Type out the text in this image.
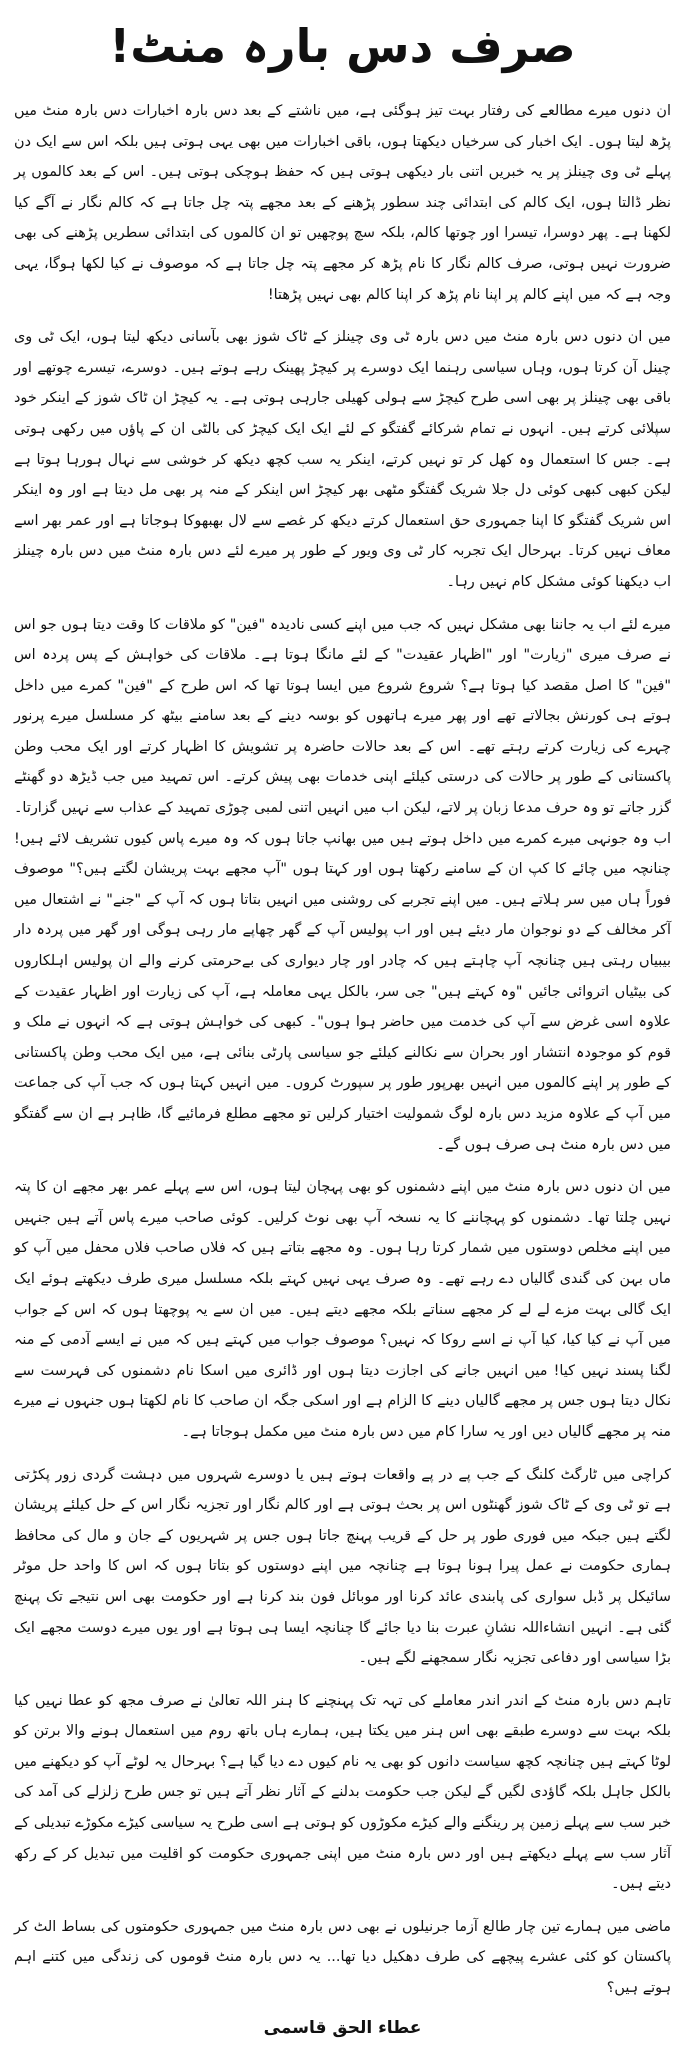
صرف دس بارہ منٹ!

ان دنوں میرے مطالعے کی رفتار بہت تیز ہوگئی ہے، میں ناشتے کے بعد دس بارہ اخبارات دس بارہ منٹ میں پڑھ لیتا ہوں۔ ایک اخبار کی سرخیاں دیکھتا ہوں، باقی اخبارات میں بھی یہی ہوتی ہیں بلکہ اس سے ایک دن پہلے ٹی وی چینلز پر یہ خبریں اتنی بار دیکھی ہوتی ہیں کہ حفظ ہوچکی ہوتی ہیں۔ اس کے بعد کالموں پر نظر ڈالتا ہوں، ایک کالم کی ابتدائی چند سطور پڑھنے کے بعد مجھے پتہ چل جاتا ہے کہ کالم نگار نے آگے کیا لکھنا ہے۔ پھر دوسرا، تیسرا اور چوتھا کالم، بلکہ سچ پوچھیں تو ان کالموں کی ابتدائی سطریں پڑھنے کی بھی ضرورت نہیں ہوتی، صرف کالم نگار کا نام پڑھ کر مجھے پتہ چل جاتا ہے کہ موصوف نے کیا لکھا ہوگا، یہی وجہ ہے کہ میں اپنے کالم پر اپنا نام پڑھ کر اپنا کالم بھی نہیں پڑھتا!

میں ان دنوں دس بارہ منٹ میں دس بارہ ٹی وی چینلز کے ٹاک شوز بھی بآسانی دیکھ لیتا ہوں، ایک ٹی وی چینل آن کرتا ہوں، وہاں سیاسی رہنما ایک دوسرے پر کیچڑ پھینک رہے ہوتے ہیں۔ دوسرے، تیسرے چوتھے اور باقی بھی چینلز پر بھی اسی طرح کیچڑ سے ہولی کھیلی جارہی ہوتی ہے۔ یہ کیچڑ ان ٹاک شوز کے اینکر خود سپلائی کرتے ہیں۔ انہوں نے تمام شرکائے گفتگو کے لئے ایک ایک کیچڑ کی بالٹی ان کے پاؤں میں رکھی ہوتی ہے۔ جس کا استعمال وہ کھل کر تو نہیں کرتے، اینکر یہ سب کچھ دیکھ کر خوشی سے نہال ہورہا ہوتا ہے لیکن کبھی کبھی کوئی دل جلا شریک گفتگو مٹھی بھر کیچڑ اس اینکر کے منہ پر بھی مل دیتا ہے اور وہ اینکر اس شریک گفتگو کا اپنا جمہوری حق استعمال کرتے دیکھ کر غصے سے لال بھبھوکا ہوجاتا ہے اور عمر بھر اسے معاف نہیں کرتا۔ بہرحال ایک تجربہ کار ٹی وی ویور کے طور پر میرے لئے دس بارہ منٹ میں دس بارہ چینلز اب دیکھنا کوئی مشکل کام نہیں رہا۔

میرے لئے اب یہ جاننا بھی مشکل نہیں کہ جب میں اپنے کسی نادیدہ "فین" کو ملاقات کا وقت دیتا ہوں جو اس نے صرف میری "زیارت" اور "اظہار عقیدت" کے لئے مانگا ہوتا ہے۔ ملاقات کی خواہش کے پس پردہ اس "فین" کا اصل مقصد کیا ہوتا ہے؟ شروع شروع میں ایسا ہوتا تھا کہ اس طرح کے "فین" کمرے میں داخل ہوتے ہی کورنش بجالاتے تھے اور پھر میرے ہاتھوں کو بوسہ دینے کے بعد سامنے بیٹھ کر مسلسل میرے پرنور چہرے کی زیارت کرتے رہتے تھے۔ اس کے بعد حالات حاضرہ پر تشویش کا اظہار کرتے اور ایک محب وطن پاکستانی کے طور پر حالات کی درستی کیلئے اپنی خدمات بھی پیش کرتے۔ اس تمہید میں جب ڈیڑھ دو گھنٹے گزر جاتے تو وہ حرف مدعا زبان پر لاتے، لیکن اب میں انہیں اتنی لمبی چوڑی تمہید کے عذاب سے نہیں گزارتا۔ اب وہ جونہی میرے کمرے میں داخل ہوتے ہیں میں بھانپ جاتا ہوں کہ وہ میرے پاس کیوں تشریف لائے ہیں! چنانچہ میں چائے کا کپ ان کے سامنے رکھتا ہوں اور کہتا ہوں "آپ مجھے بہت پریشان لگتے ہیں؟" موصوف فوراً ہاں میں سر ہلاتے ہیں۔ میں اپنے تجربے کی روشنی میں انہیں بتاتا ہوں کہ آپ کے "جنے" نے اشتعال میں آکر مخالف کے دو نوجوان مار دیئے ہیں اور اب پولیس آپ کے گھر چھاپے مار رہی ہوگی اور گھر میں پردہ دار بیبیاں رہتی ہیں چنانچہ آپ چاہتے ہیں کہ چادر اور چار دیواری کی بےحرمتی کرنے والے ان پولیس اہلکاروں کی بیٹیاں اتروائی جائیں "وہ کہتے ہیں" جی سر، بالکل یہی معاملہ ہے، آپ کی زیارت اور اظہار عقیدت کے علاوہ اسی غرض سے آپ کی خدمت میں حاضر ہوا ہوں"۔ کبھی کی خواہش ہوتی ہے کہ انہوں نے ملک و قوم کو موجودہ انتشار اور بحران سے نکالنے کیلئے جو سیاسی پارٹی بنائی ہے، میں ایک محب وطن پاکستانی کے طور پر اپنے کالموں میں انہیں بھرپور طور پر سپورٹ کروں۔ میں انہیں کہتا ہوں کہ جب آپ کی جماعت میں آپ کے علاوہ مزید دس بارہ لوگ شمولیت اختیار کرلیں تو مجھے مطلع فرمائیے گا، ظاہر ہے ان سے گفتگو میں دس بارہ منٹ ہی صرف ہوں گے۔

میں ان دنوں دس بارہ منٹ میں اپنے دشمنوں کو بھی پہچان لیتا ہوں، اس سے پہلے عمر بھر مجھے ان کا پتہ نہیں چلتا تھا۔ دشمنوں کو پہچاننے کا یہ نسخہ آپ بھی نوٹ کرلیں۔ کوئی صاحب میرے پاس آتے ہیں جنہیں میں اپنے مخلص دوستوں میں شمار کرتا رہا ہوں۔ وہ مجھے بتاتے ہیں کہ فلاں صاحب فلاں محفل میں آپ کو ماں بہن کی گندی گالیاں دے رہے تھے۔ وہ صرف یہی نہیں کہتے بلکہ مسلسل میری طرف دیکھتے ہوئے ایک ایک گالی بہت مزے لے لے کر مجھے سناتے بلکہ مجھے دیتے ہیں۔ میں ان سے یہ پوچھتا ہوں کہ اس کے جواب میں آپ نے کیا کیا، کیا آپ نے اسے روکا کہ نہیں؟ موصوف جواب میں کہتے ہیں کہ میں نے ایسے آدمی کے منہ لگنا پسند نہیں کیا! میں انہیں جانے کی اجازت دیتا ہوں اور ڈائری میں اسکا نام دشمنوں کی فہرست سے نکال دیتا ہوں جس پر مجھے گالیاں دینے کا الزام ہے اور اسکی جگہ ان صاحب کا نام لکھتا ہوں جنہوں نے میرے منہ پر مجھے گالیاں دیں اور یہ سارا کام میں دس بارہ منٹ میں مکمل ہوجاتا ہے۔

کراچی میں ٹارگٹ کلنگ کے جب پے در پے واقعات ہوتے ہیں یا دوسرے شہروں میں دہشت گردی زور پکڑتی ہے تو ٹی وی کے ٹاک شوز گھنٹوں اس پر بحث ہوتی ہے اور کالم نگار اور تجزیہ نگار اس کے حل کیلئے پریشان لگتے ہیں جبکہ میں فوری طور پر حل کے قریب پہنچ جاتا ہوں جس پر شہریوں کے جان و مال کی محافظ ہماری حکومت نے عمل پیرا ہونا ہوتا ہے چنانچہ میں اپنے دوستوں کو بتاتا ہوں کہ اس کا واحد حل موٹر سائیکل پر ڈبل سواری کی پابندی عائد کرنا اور موبائل فون بند کرنا ہے اور حکومت بھی اس نتیجے تک پہنچ گئی ہے۔ انہیں انشاءاللہ نشانِ عبرت بنا دیا جائے گا چنانچہ ایسا ہی ہوتا ہے اور یوں میرے دوست مجھے ایک بڑا سیاسی اور دفاعی تجزیہ نگار سمجھنے لگے ہیں۔

تاہم دس بارہ منٹ کے اندر اندر معاملے کی تہہ تک پہنچنے کا ہنر اللہ تعالیٰ نے صرف مجھ کو عطا نہیں کیا بلکہ بہت سے دوسرے طبقے بھی اس ہنر میں یکتا ہیں، ہمارے ہاں باتھ روم میں استعمال ہونے والا برتن کو لوٹا کہتے ہیں چنانچہ کچھ سیاست دانوں کو بھی یہ نام کیوں دے دیا گیا ہے؟ بہرحال یہ لوٹے آپ کو دیکھنے میں بالکل جاہل بلکہ گاؤدی لگیں گے لیکن جب حکومت بدلنے کے آثار نظر آتے ہیں تو جس طرح زلزلے کی آمد کی خبر سب سے پہلے زمین پر رینگنے والے کیڑے مکوڑوں کو ہوتی ہے اسی طرح یہ سیاسی کیڑے مکوڑے تبدیلی کے آثار سب سے پہلے دیکھتے ہیں اور دس بارہ منٹ میں اپنی جمہوری حکومت کو اقلیت میں تبدیل کر کے رکھ دیتے ہیں۔

ماضی میں ہمارے تین چار طالع آزما جرنیلوں نے بھی دس بارہ منٹ میں جمہوری حکومتوں کی بساط الٹ کر پاکستان کو کئی عشرے پیچھے کی طرف دھکیل دیا تھا... یہ دس بارہ منٹ قوموں کی زندگی میں کتنے اہم ہوتے ہیں؟

عطاء الحق قاسمی
